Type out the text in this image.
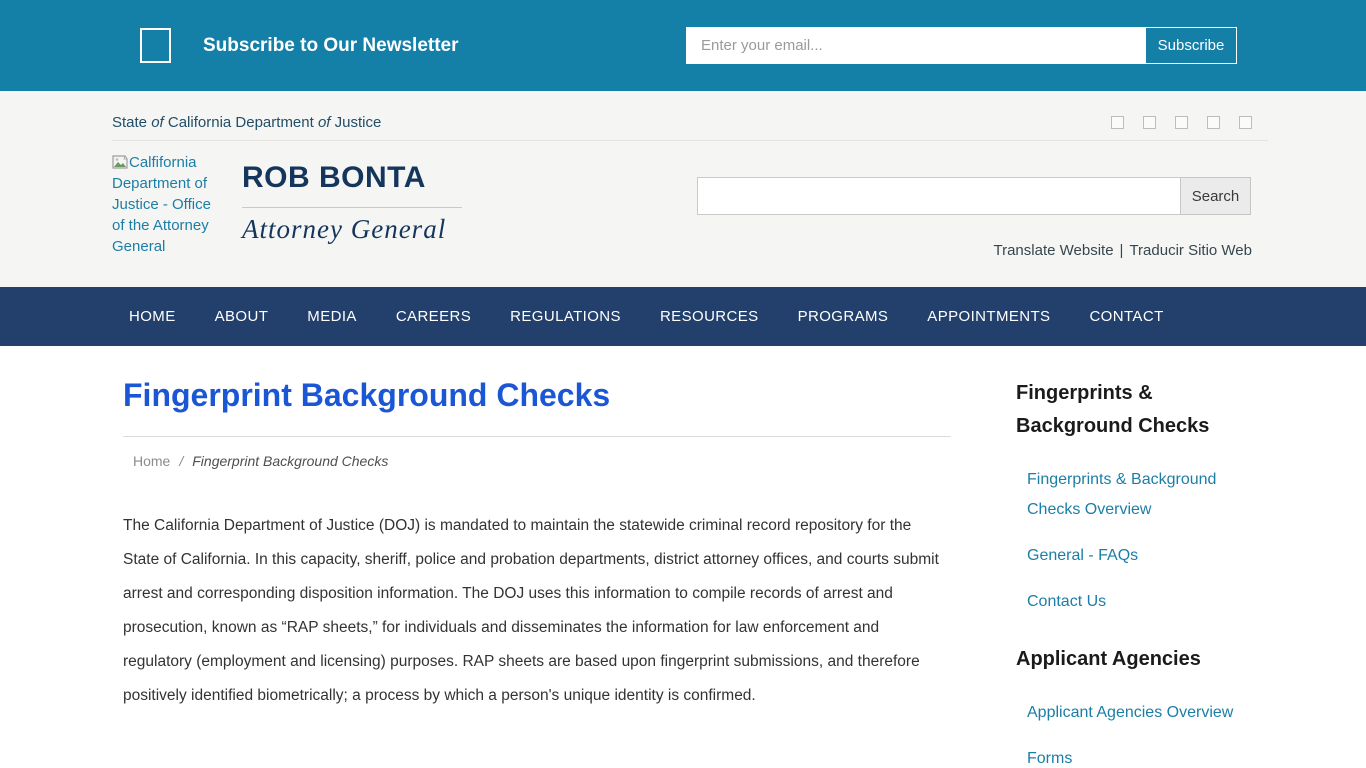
Subscribe to Our Newsletter
Enter your email...	Subscribe
State of California Department of Justice
Calfifornia Department of Justice - Office of the Attorney General
ROB BONTA
Attorney General
Search
Translate Website | Traducir Sitio Web
HOME	ABOUT	MEDIA	CAREERS	REGULATIONS	RESOURCES	PROGRAMS	APPOINTMENTS	CONTACT
Fingerprint Background Checks
Home / Fingerprint Background Checks

The California Department of Justice (DOJ) is mandated to maintain the statewide criminal record repository for the State of California. In this capacity, sheriff, police and probation departments, district attorney offices, and courts submit arrest and corresponding disposition information. The DOJ uses this information to compile records of arrest and prosecution, known as “RAP sheets,” for individuals and disseminates the information for law enforcement and regulatory (employment and licensing) purposes. RAP sheets are based upon fingerprint submissions, and therefore positively identified biometrically; a process by which a person's unique identity is confirmed.

Fingerprints & Background Checks
Fingerprints & Background Checks Overview
General - FAQs
Contact Us
Applicant Agencies
Applicant Agencies Overview
Forms
